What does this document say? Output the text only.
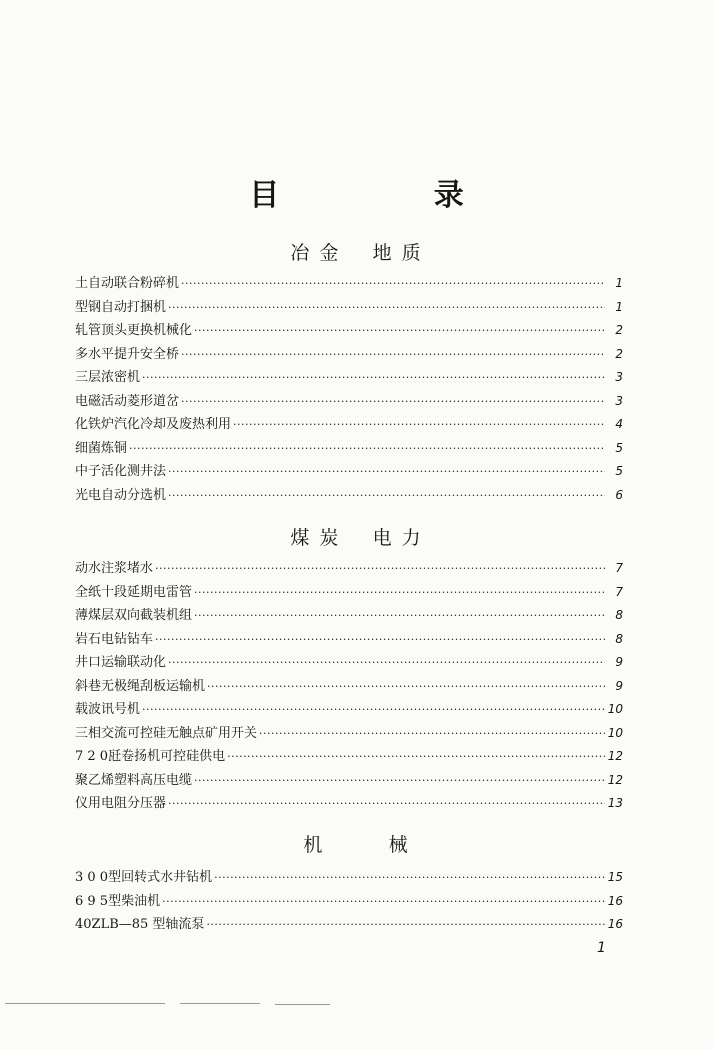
目 录
冶 金    地 质
土自动联合粉碎机 ·····	1
型钢自动打捆机 ·····	1
轧管顶头更换机械化 ·····	2
多水平提升安全桥 ·····	2
三层浓密机 ·····	3
电磁活动菱形道岔 ·····	3
化铁炉汽化冷却及废热利用 ·····	4
细菌炼铜 ·····	5
中子活化测井法 ·····	5
光电自动分选机 ·····	6
煤 炭    电 力
动水注浆堵水 ·····	7
全纸十段延期电雷管 ·····	7
薄煤层双向截装机组 ·····	8
岩石电钻钻车 ·····	8
井口运输联动化 ·····	9
斜巷无极绳刮板运输机 ·····	9
载波讯号机 ·····	10
三相交流可控硅无触点矿用开关 ·····	10
7 2 0瓩卷扬机可控硅供电 ·····	12
聚乙烯塑料高压电缆 ·····	12
仪用电阻分压器 ·····	13
机        械
3 0 0型回转式水井钻机 ·····	15
6 9 5型柴油机 ·····	16
40ZLB—85 型轴流泵 ·····	16
1
